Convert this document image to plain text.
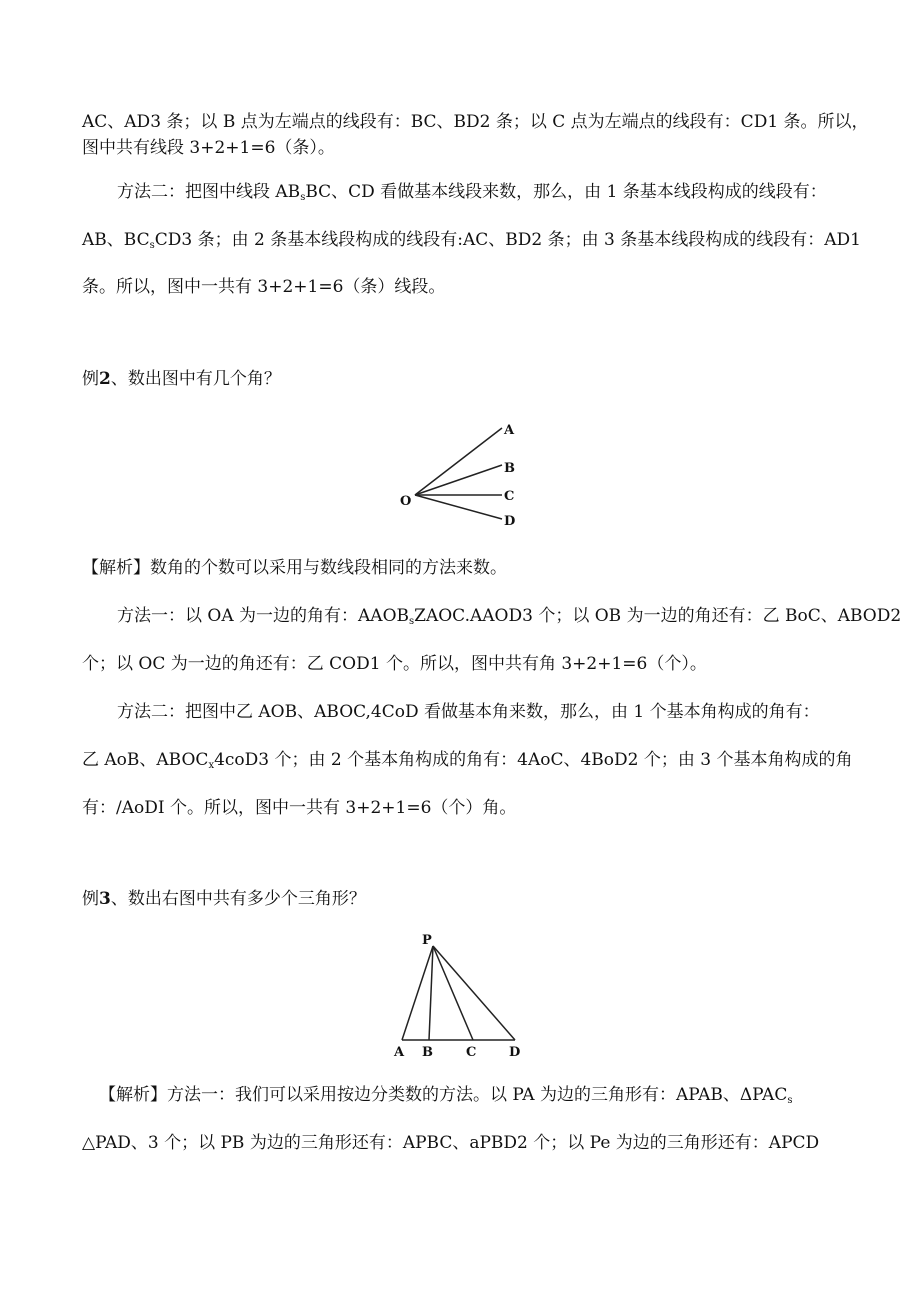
AC、AD3 条；以 B 点为左端点的线段有：BC、BD2 条；以 C 点为左端点的线段有：CD1 条。所以，
图中共有线段 3+2+1=6（条）。
方法二：把图中线段 $AB_sBC$、CD 看做基本线段来数，那么，由 1 条基本线段构成的线段有：
AB、$BC_sCD3$ 条；由 2 条基本线段构成的线段有:AC、BD2 条；由 3 条基本线段构成的线段有：AD1
条。所以，图中一共有 3+2+1=6（条）线段。
例2、数出图中有几个角？
O
A
B
C
D
【解析】数角的个数可以采用与数线段相同的方法来数。
方法一：以 OA 为一边的角有：$AAOB_sZAOC.AAOD3$ 个；以 OB 为一边的角还有：乙 BoC、ABOD2
个；以 OC 为一边的角还有：乙 COD1 个。所以，图中共有角 3+2+1=6（个）。
方法二：把图中乙 AOB、ABOC,4CoD 看做基本角来数，那么，由 1 个基本角构成的角有：
乙 AoB、$ABOC_x4coD3$ 个；由 2 个基本角构成的角有：4AoC、4BoD2 个；由 3 个基本角构成的角
有：/AoDI 个。所以，图中一共有 3+2+1=6（个）角。
例3、数出右图中共有多少个三角形？
P
A B	C	D
【解析】方法一：我们可以采用按边分类数的方法。以 PA 为边的三角形有：APAB、$\Delta PAC_s$
△PAD、3 个；以 PB 为边的三角形还有：APBC、aPBD2 个；以 Pe 为边的三角形还有：APCD
